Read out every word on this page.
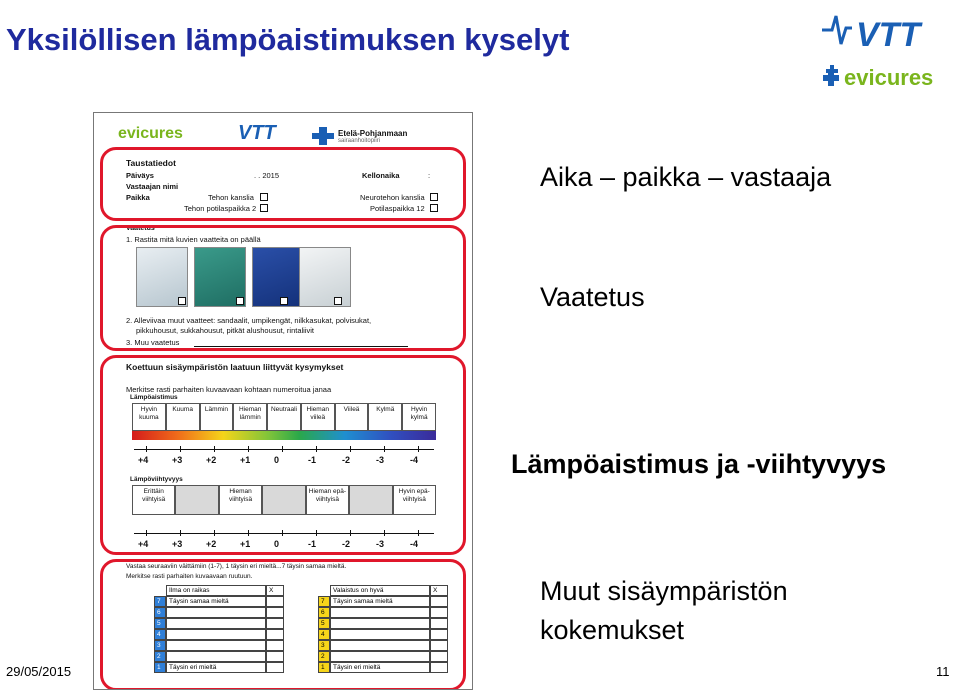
Yksilöllisen lämpöaistimuksen kyselyt	VTT
evicures
Aika – paikka – vastaaja
Vaatetus
Lämpöaistimus ja -viihtyvyys
Muut sisäympäristön
kokemukset
29/05/2015	11
evicures	VTT	Etelä-Pohjanmaan
sairaanhoitopiiri
Taustatiedot
Päiväys	. . 2015	Kellonaika	:
Vastaajan nimi
Paikka	Tehon kanslia
Tehon potilaspaikka 2
Neurotehon kanslia
Potilaspaikka 12
Vaatetus
1. Rastita mitä kuvien vaatteita on päällä
2. Alleviivaa muut vaatteet: sandaalit, umpikengät, nilkkasukat, polvisukat,
pikkuhousut, sukkahousut, pitkät alushousut, rintaliivit
3. Muu vaatetus
Koettuun sisäympäristön laatuun liittyvät kysymykset
Merkitse rasti parhaiten kuvaavaan kohtaan numeroitua janaa
Lämpöaistimus
Hyvin kuuma
Kuuma	Lämmin	Hieman lämmin
Neutraali	Hieman viileä
Viileä	Kylmä	Hyvin kylmä
+4	+3	+2	+1	0	-1	-2	-3	-4
Lämpöviihtyvyys
Erittäin viihtyisä
Hieman viihtyisä
Hieman epä-viihtyisä
Hyvin epä-viihtyisä
+4	+3	+2	+1	0	-1	-2	-3	-4
Vastaa seuraaviin väittämiin (1-7), 1 täysin eri mieltä...7 täysin samaa mieltä.
Merkitse rasti parhaiten kuvaavaan ruutuun.
Ilma on raikas	X
7	Täysin samaa mieltä
6
5
4
3
2
1	Täysin eri mieltä
Valaistus on hyvä	X
7	Täysin samaa mieltä
6
5
4
3
2
1	Täysin eri mieltä
